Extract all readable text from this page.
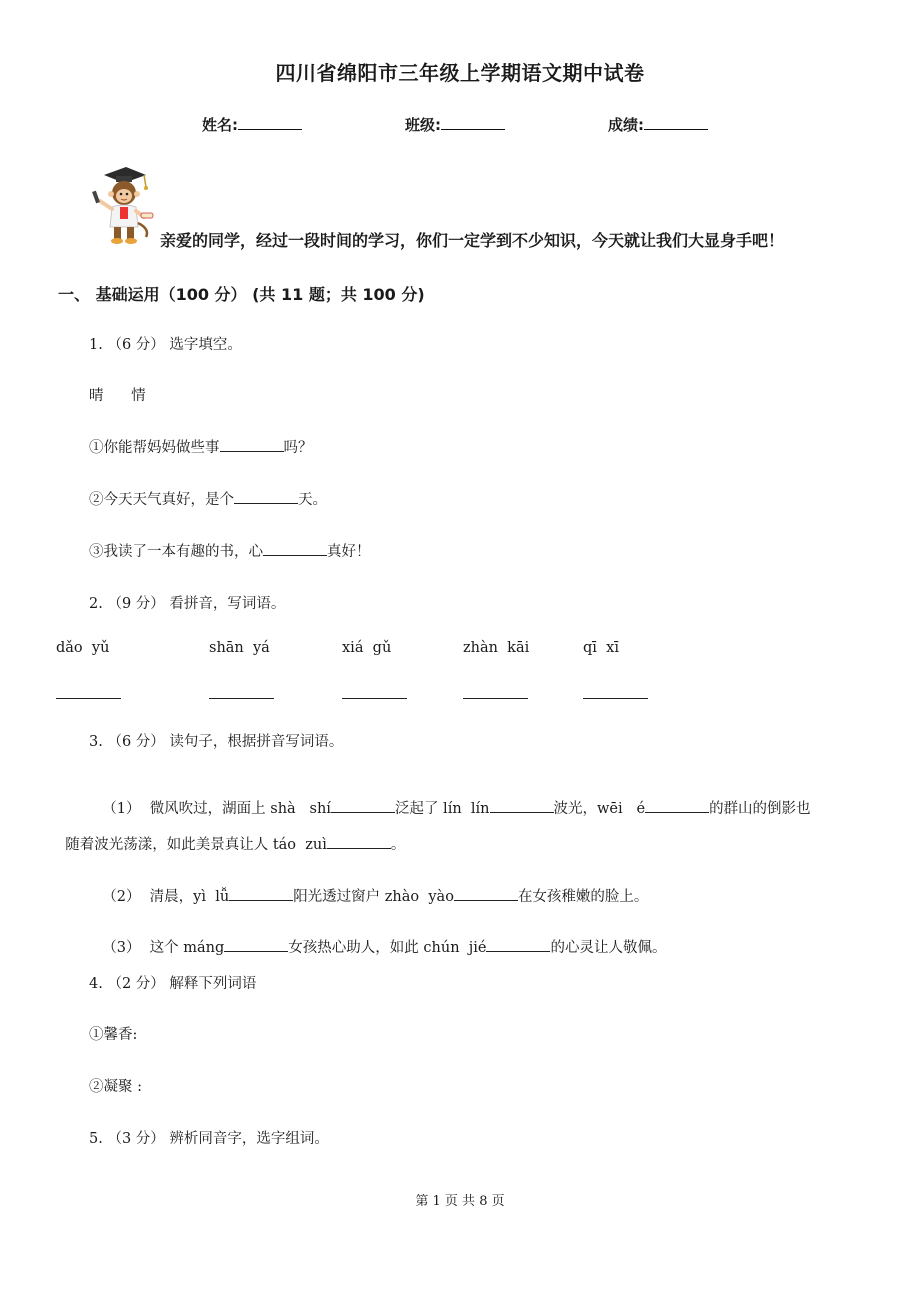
四川省绵阳市三年级上学期语文期中试卷
姓名:	班级:	成绩:
亲爱的同学，经过一段时间的学习，你们一定学到不少知识，今天就让我们大显身手吧！
一、 基础运用（100 分） (共 11 题；共 100 分)
1. （6 分） 选字填空。
晴      情
①你能帮妈妈做些事	吗？
②今天天气真好，是个	天。
③我读了一本有趣的书，心	真好！
2. （9 分） 看拼音，写词语。
dǎo  yǔ	shān  yá	xiá  gǔ	zhàn  kāi	qī  xī
3. （6 分） 读句子，根据拼音写词语。

（1）  微风吹过，湖面上 shà   shí	泛起了 lín  lín	波光，wēi   é	的群山的倒影也

随着波光荡漾，如此美景真让人 táo  zuì	。

（2）  清晨，yì  lǚ	阳光透过窗户 zhào  yào	在女孩稚嫩的脸上。

（3）  这个 máng	女孩热心助人，如此 chún  jié	的心灵让人敬佩。

4. （2 分） 解释下列词语
①馨香:
②凝聚 :
5. （3 分） 辨析同音字，选字组词。
第 1 页 共 8 页
